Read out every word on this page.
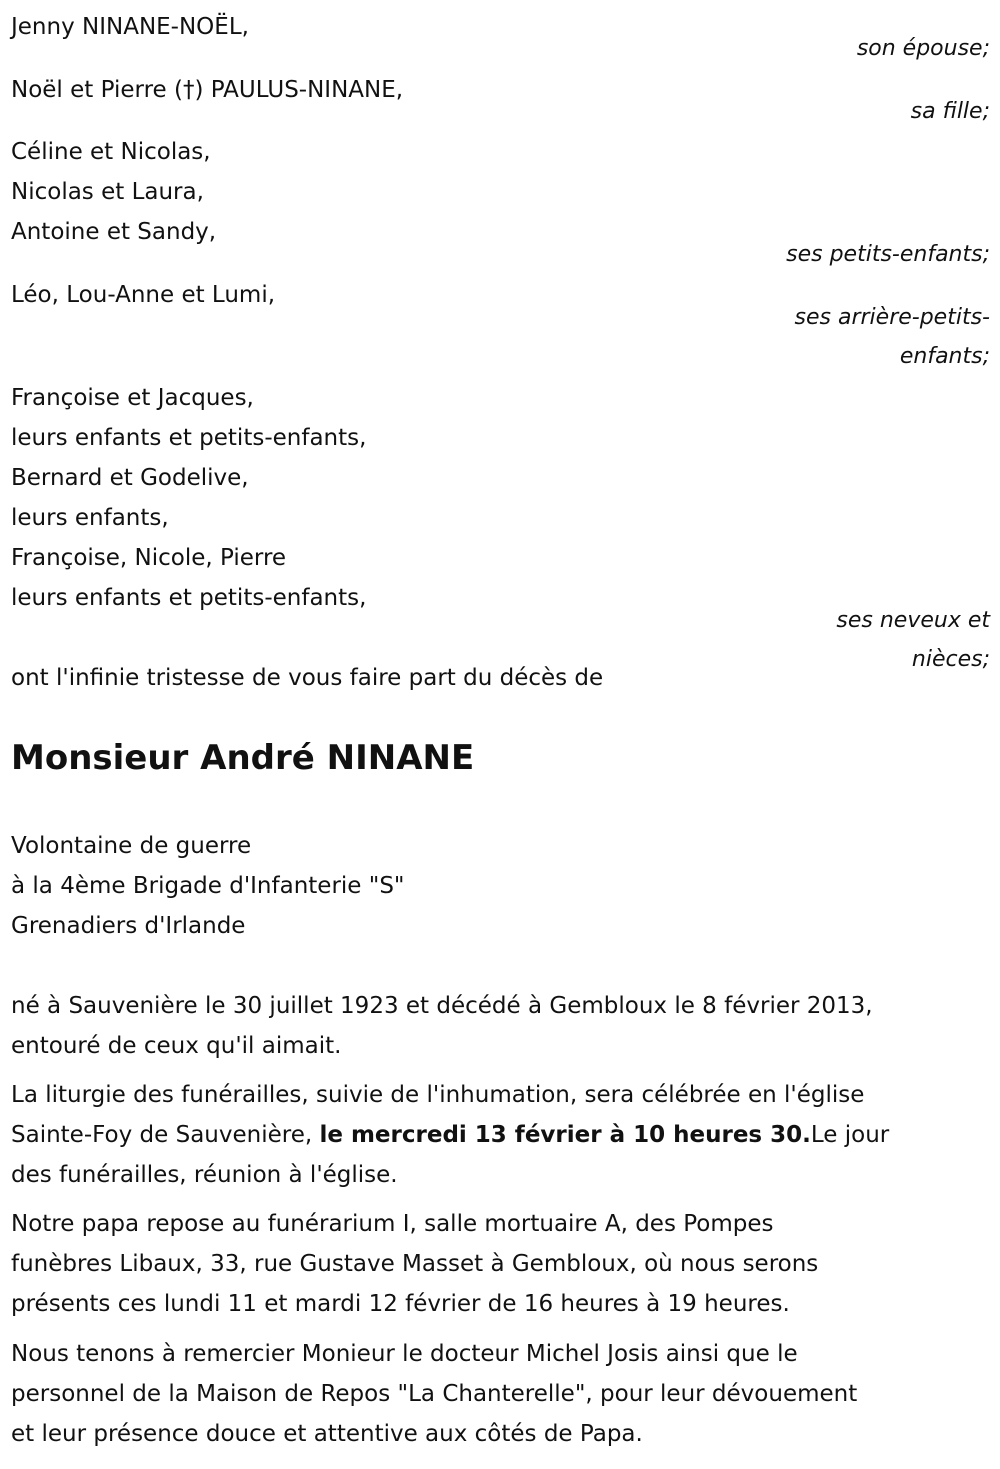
Jenny NINANE-NOËL,
son épouse;
Noël et Pierre (†) PAULUS-NINANE,
sa fille;
Céline et Nicolas,
Nicolas et Laura,
Antoine et Sandy,
ses petits-enfants;
Léo, Lou-Anne et Lumi,
ses arrière-petits-
enfants;
Françoise et Jacques,
leurs enfants et petits-enfants,
Bernard et Godelive,
leurs enfants,
Françoise, Nicole, Pierre
leurs enfants et petits-enfants,
ses neveux et
nièces;
ont l'infinie tristesse de vous faire part du décès de
Monsieur André NINANE
Volontaine de guerre
à la 4ème Brigade d'Infanterie "S"
Grenadiers d'Irlande
né à Sauvenière le 30 juillet 1923 et décédé à Gembloux le 8 février 2013,
entouré de ceux qu'il aimait.
La liturgie des funérailles, suivie de l'inhumation, sera célébrée en l'église
Sainte-Foy de Sauvenière, le mercredi 13 février à 10 heures 30.Le jour
des funérailles, réunion à l'église.
Notre papa repose au funérarium I, salle mortuaire A, des Pompes
funèbres Libaux, 33, rue Gustave Masset à Gembloux, où nous serons
présents ces lundi 11 et mardi 12 février de 16 heures à 19 heures.
Nous tenons à remercier Monieur le docteur Michel Josis ainsi que le
personnel de la Maison de Repos "La Chanterelle", pour leur dévouement
et leur présence douce et attentive aux côtés de Papa.
